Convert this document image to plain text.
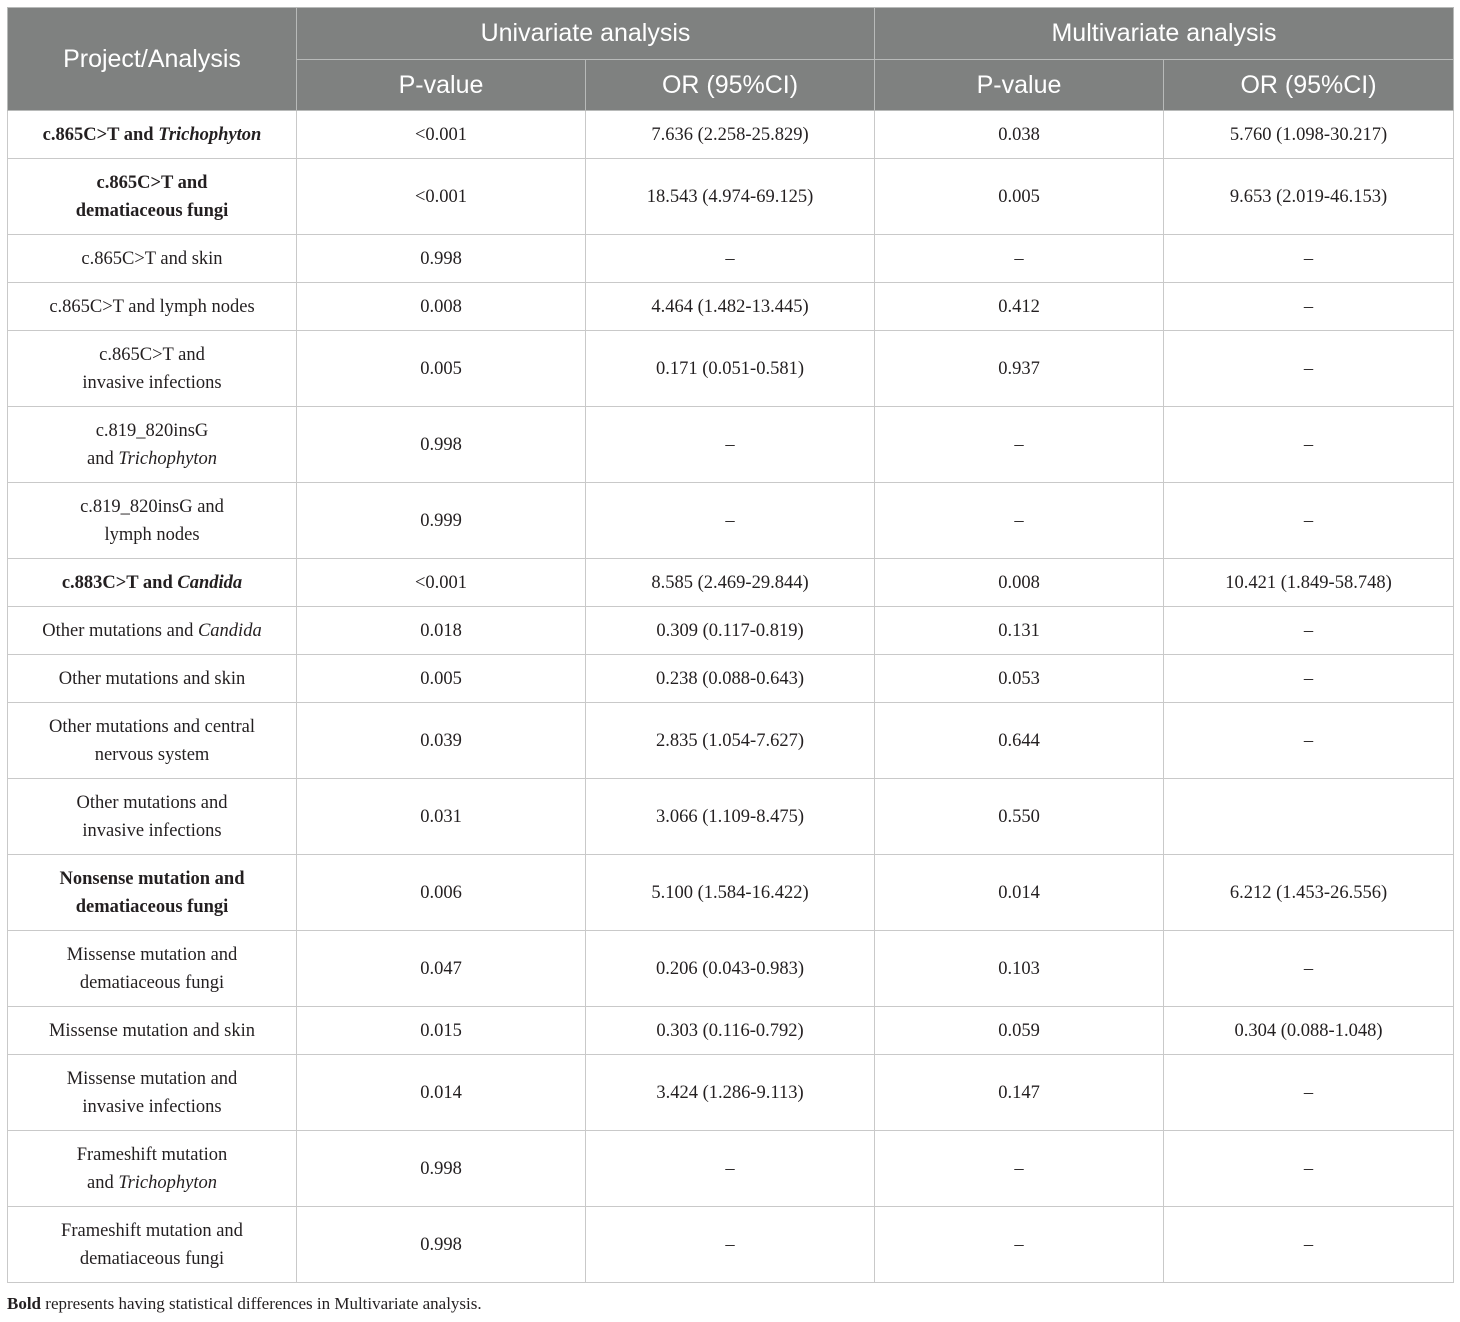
Project/Analysis	Univariate analysis		Multivariate analysis	
	P-value	OR (95%CI)	P-value	OR (95%CI)
c.865C>T and Trichophyton	<0.001	7.636 (2.258-25.829)	0.038	5.760 (1.098-30.217)
c.865C>T and
dematiaceous fungi	<0.001	18.543 (4.974-69.125)	0.005	9.653 (2.019-46.153)
c.865C>T and skin	0.998	–	–	–
c.865C>T and lymph nodes	0.008	4.464 (1.482-13.445)	0.412	–
c.865C>T and
invasive infections	0.005	0.171 (0.051-0.581)	0.937	–
c.819_820insG
and Trichophyton	0.998	–	–	–
c.819_820insG and
lymph nodes	0.999	–	–	–
c.883C>T and Candida	<0.001	8.585 (2.469-29.844)	0.008	10.421 (1.849-58.748)
Other mutations and Candida	0.018	0.309 (0.117-0.819)	0.131	–
Other mutations and skin	0.005	0.238 (0.088-0.643)	0.053	–
Other mutations and central
nervous system	0.039	2.835 (1.054-7.627)	0.644	–
Other mutations and
invasive infections	0.031	3.066 (1.109-8.475)	0.550	
Nonsense mutation and
dematiaceous fungi	0.006	5.100 (1.584-16.422)	0.014	6.212 (1.453-26.556)
Missense mutation and
dematiaceous fungi	0.047	0.206 (0.043-0.983)	0.103	–
Missense mutation and skin	0.015	0.303 (0.116-0.792)	0.059	0.304 (0.088-1.048)
Missense mutation and
invasive infections	0.014	3.424 (1.286-9.113)	0.147	–
Frameshift mutation
and Trichophyton	0.998	–	–	–
Frameshift mutation and
dematiaceous fungi	0.998	–	–	–
Bold represents having statistical differences in Multivariate analysis.
